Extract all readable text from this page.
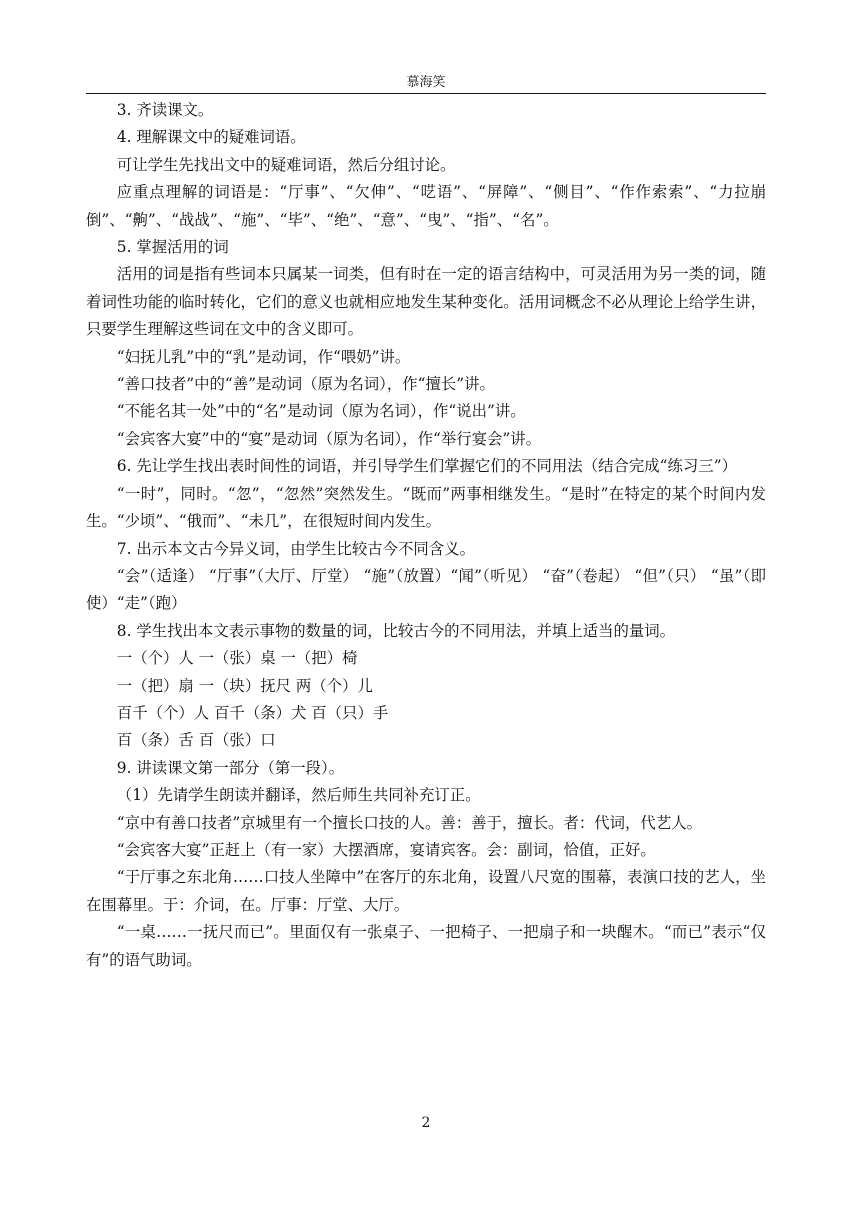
慕海笑

3. 齐读课文。

4. 理解课文中的疑难词语。

可让学生先找出文中的疑难词语，然后分组讨论。

应重点理解的词语是：“厅事”、“欠伸”、“呓语”、“屏障”、“侧目”、“作作索索”、“力拉崩倒”、“齁”、“战战”、“施”、“毕”、“绝”、“意”、“曳”、“指”、“名”。

5. 掌握活用的词

活用的词是指有些词本只属某一词类，但有时在一定的语言结构中，可灵活用为另一类的词，随着词性功能的临时转化，它们的意义也就相应地发生某种变化。活用词概念不必从理论上给学生讲，只要学生理解这些词在文中的含义即可。

“妇抚儿乳”中的“乳”是动词，作“喂奶”讲。

“善口技者”中的“善”是动词（原为名词），作“擅长”讲。

“不能名其一处”中的“名”是动词（原为名词），作“说出”讲。

“会宾客大宴”中的“宴”是动词（原为名词），作“举行宴会”讲。

6. 先让学生找出表时间性的词语，并引导学生们掌握它们的不同用法（结合完成“练习三”）

“一时”，同时。“忽”，“忽然”突然发生。“既而”两事相继发生。“是时”在特定的某个时间内发生。“少顷”、“俄而”、“未几”，在很短时间内发生。

7. 出示本文古今异义词，由学生比较古今不同含义。

“会”（适逢） “厅事”（大厅、厅堂） “施”（放置）“闻”（听见） “奋”（卷起） “但”（只） “虽”（即使）“走”（跑）

8. 学生找出本文表示事物的数量的词，比较古今的不同用法，并填上适当的量词。

一（个）人 一（张）桌 一（把）椅

一（把）扇 一（块）抚尺 两（个）儿

百千（个）人 百千（条）犬 百（只）手

百（条）舌 百（张）口

9. 讲读课文第一部分（第一段）。

（1）先请学生朗读并翻译，然后师生共同补充订正。

“京中有善口技者”京城里有一个擅长口技的人。善：善于，擅长。者：代词，代艺人。

“会宾客大宴”正赶上（有一家）大摆酒席，宴请宾客。会：副词，恰值，正好。

“于厅事之东北角……口技人坐障中”在客厅的东北角，设置八尺宽的围幕，表演口技的艺人，坐在围幕里。于：介词，在。厅事：厅堂、大厅。

“一桌……一抚尺而已”。里面仅有一张桌子、一把椅子、一把扇子和一块醒木。“而已”表示“仅有”的语气助词。

2
